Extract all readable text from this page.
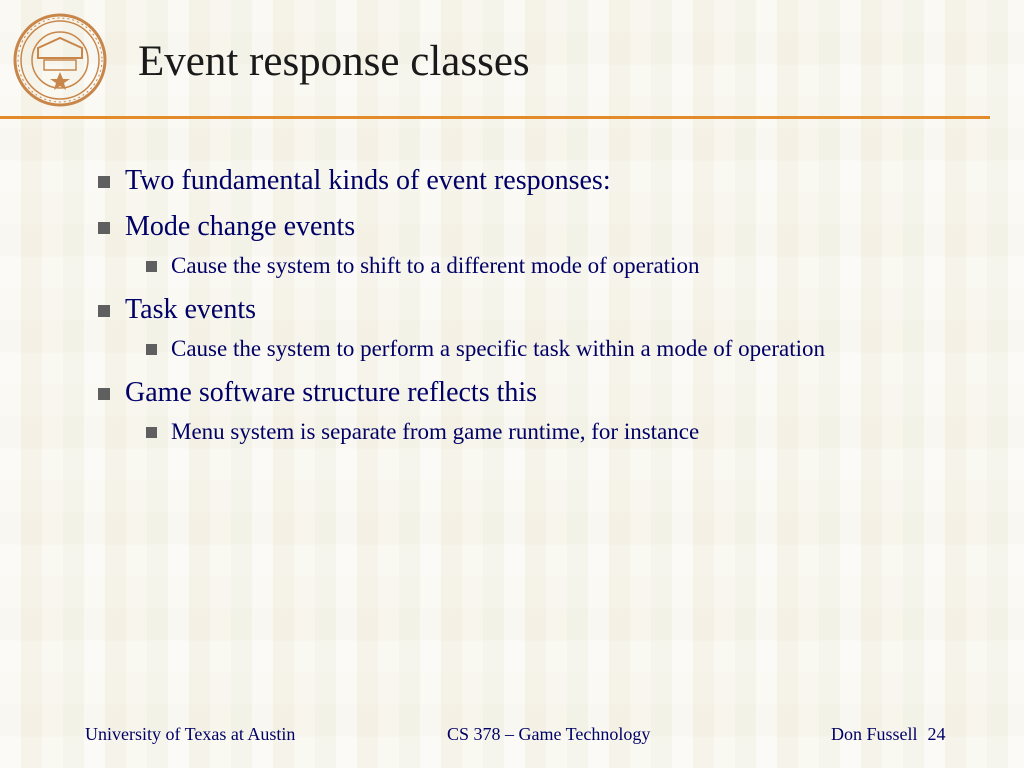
Event response classes
Two fundamental kinds of event responses:
Mode change events
Cause the system to shift to a different mode of operation
Task events
Cause the system to perform a specific task within a mode of operation
Game software structure reflects this
Menu system is separate from game runtime, for instance
University of Texas at Austin	CS 378 – Game Technology	Don Fussell 24
